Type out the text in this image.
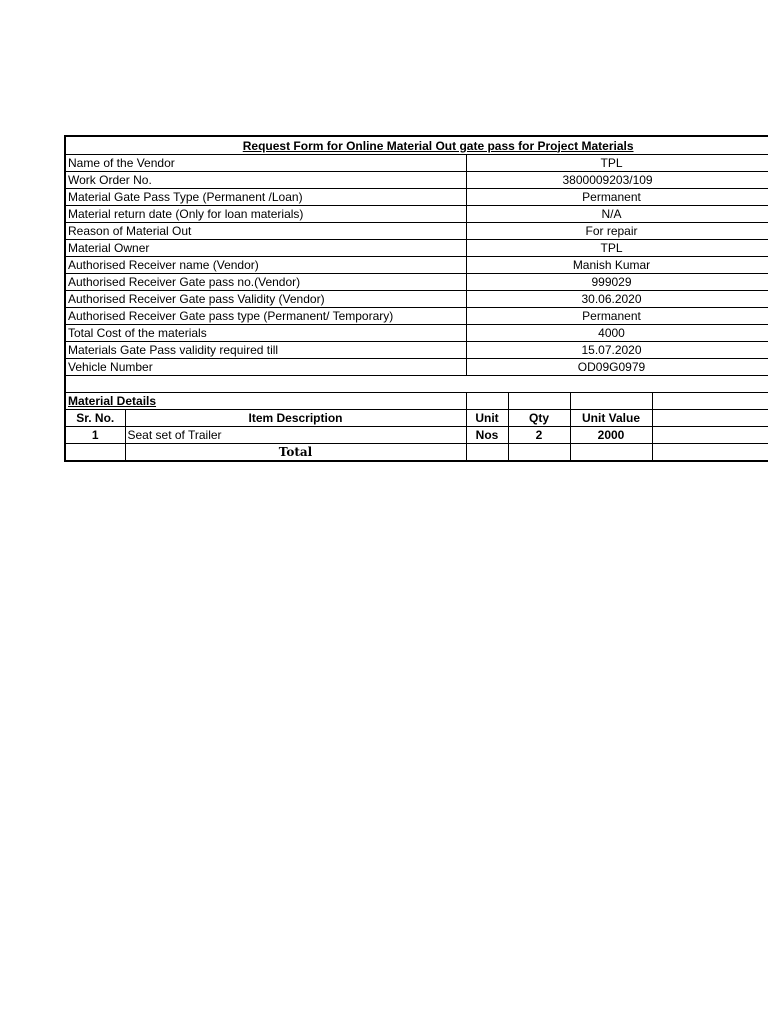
Request Form for Online Material Out gate pass for Project Materials					
Name of the Vendor		TPL			
Work Order No.		3800009203/109			
Material Gate Pass Type (Permanent /Loan)		Permanent			
Material return date (Only for loan materials)		N/A			
Reason of Material Out		For repair			
Material Owner		TPL			
Authorised Receiver name (Vendor)		Manish Kumar			
Authorised Receiver Gate pass no.(Vendor)		999029			
Authorised Receiver Gate pass Validity (Vendor)		30.06.2020			
Authorised Receiver Gate pass type (Permanent/ Temporary)		Permanent			
Total Cost of the materials		4000			
Materials Gate Pass validity required till		15.07.2020			
Vehicle Number		OD09G0979			

Material Details					
Sr. No.	Item Description	Unit	Qty	Unit Value	
1	Seat set of Trailer	Nos	2	2000	
	Total				
